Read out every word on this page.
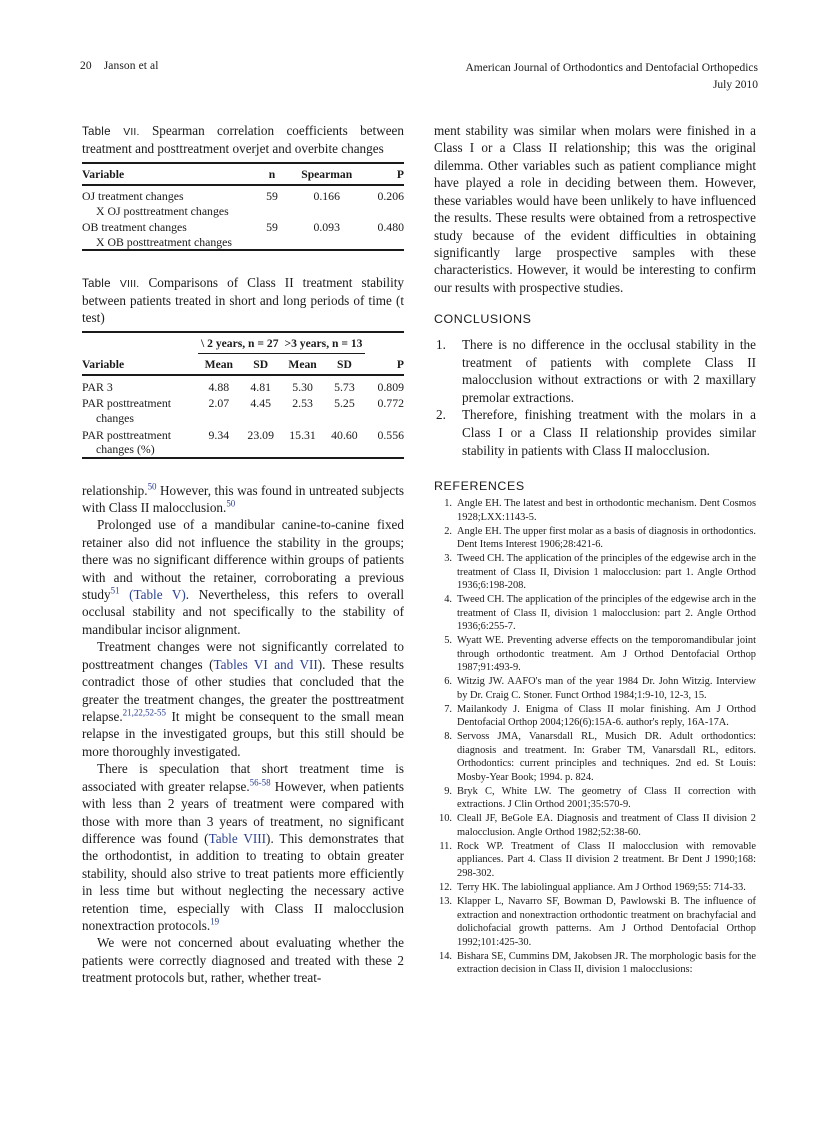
20 Janson et al	American Journal of Orthodontics and Dentofacial Orthopedics
July 2010
Table VII. Spearman correlation coefficients between treatment and posttreatment overjet and overbite changes
Variable	n	Spearman	P

OJ treatment changes
X OJ posttreatment changes	59	0.166	0.206
OB treatment changes
X OB posttreatment changes	59	0.093	0.480

Table VIII. Comparisons of Class II treatment stability between patients treated in short and long periods of time (t test)
	\ 2 years, n = 27		>3 years, n = 13		
Variable	Mean	SD	Mean	SD	P

PAR 3	4.88	4.81	5.30	5.73	0.809
PAR posttreatment
changes	2.07	4.45	2.53	5.25	0.772
PAR posttreatment
changes (%)	9.34	23.09	15.31	40.60	0.556

relationship.$^{50}$ However, this was found in untreated subjects with Class II malocclusion.$^{50}$

Prolonged use of a mandibular canine-to-canine fixed retainer also did not influence the stability in the groups; there was no significant difference within groups of patients with and without the retainer, corroborating a previous study$^{51}$ (Table V). Nevertheless, this refers to overall occlusal stability and not specifically to the stability of mandibular incisor alignment.

Treatment changes were not significantly correlated to posttreatment changes (Tables VI and VII). These results contradict those of other studies that concluded that the greater the treatment changes, the greater the posttreatment relapse.$^{21,22,52-55}$ It might be consequent to the small mean relapse in the investigated groups, but this still should be more thoroughly investigated.

There is speculation that short treatment time is associated with greater relapse.$^{56-58}$ However, when patients with less than 2 years of treatment were compared with those with more than 3 years of treatment, no significant difference was found (Table VIII). This demonstrates that the orthodontist, in addition to treating to obtain greater stability, should also strive to treat patients more efficiently in less time but without neglecting the necessary active retention time, especially with Class II malocclusion nonextraction protocols.$^{19}$

We were not concerned about evaluating whether the patients were correctly diagnosed and treated with these 2 treatment protocols but, rather, whether treat-

ment stability was similar when molars were finished in a Class I or a Class II relationship; this was the original dilemma. Other variables such as patient compliance might have played a role in deciding between them. However, these variables would have been unlikely to have influenced the results. These results were obtained from a retrospective study because of the evident difficulties in obtaining significantly large prospective samples with these characteristics. However, it would be interesting to confirm our results with prospective studies.

CONCLUSIONS
There is no difference in the occlusal stability in the treatment of patients with complete Class II malocclusion without extractions or with 2 maxillary premolar extractions.
Therefore, finishing treatment with the molars in a Class I or a Class II relationship provides similar stability in patients with Class II malocclusion.
REFERENCES
Angle EH. The latest and best in orthodontic mechanism. Dent Cosmos 1928;LXX:1143-5.
Angle EH. The upper first molar as a basis of diagnosis in orthodontics. Dent Items Interest 1906;28:421-6.
Tweed CH. The application of the principles of the edgewise arch in the treatment of Class II, Division 1 malocclusion: part 1. Angle Orthod 1936;6:198-208.
Tweed CH. The application of the principles of the edgewise arch in the treatment of Class II, division 1 malocclusion: part 2. Angle Orthod 1936;6:255-7.
Wyatt WE. Preventing adverse effects on the temporomandibular joint through orthodontic treatment. Am J Orthod Dentofacial Orthop 1987;91:493-9.
Witzig JW. AAFO's man of the year 1984 Dr. John Witzig. Interview by Dr. Craig C. Stoner. Funct Orthod 1984;1:9-10, 12-3, 15.
Mailankody J. Enigma of Class II molar finishing. Am J Orthod Dentofacial Orthop 2004;126(6):15A-6. author's reply, 16A-17A.
Servoss JMA, Vanarsdall RL, Musich DR. Adult orthodontics: diagnosis and treatment. In: Graber TM, Vanarsdall RL, editors. Orthodontics: current principles and techniques. 2nd ed. St Louis: Mosby-Year Book; 1994. p. 824.
Bryk C, White LW. The geometry of Class II correction with extractions. J Clin Orthod 2001;35:570-9.
Cleall JF, BeGole EA. Diagnosis and treatment of Class II division 2 malocclusion. Angle Orthod 1982;52:38-60.
Rock WP. Treatment of Class II malocclusion with removable appliances. Part 4. Class II division 2 treatment. Br Dent J 1990;168: 298-302.
Terry HK. The labiolingual appliance. Am J Orthod 1969;55: 714-33.
Klapper L, Navarro SF, Bowman D, Pawlowski B. The influence of extraction and nonextraction orthodontic treatment on brachyfacial and dolichofacial growth patterns. Am J Orthod Dentofacial Orthop 1992;101:425-30.
Bishara SE, Cummins DM, Jakobsen JR. The morphologic basis for the extraction decision in Class II, division 1 malocclusions:
